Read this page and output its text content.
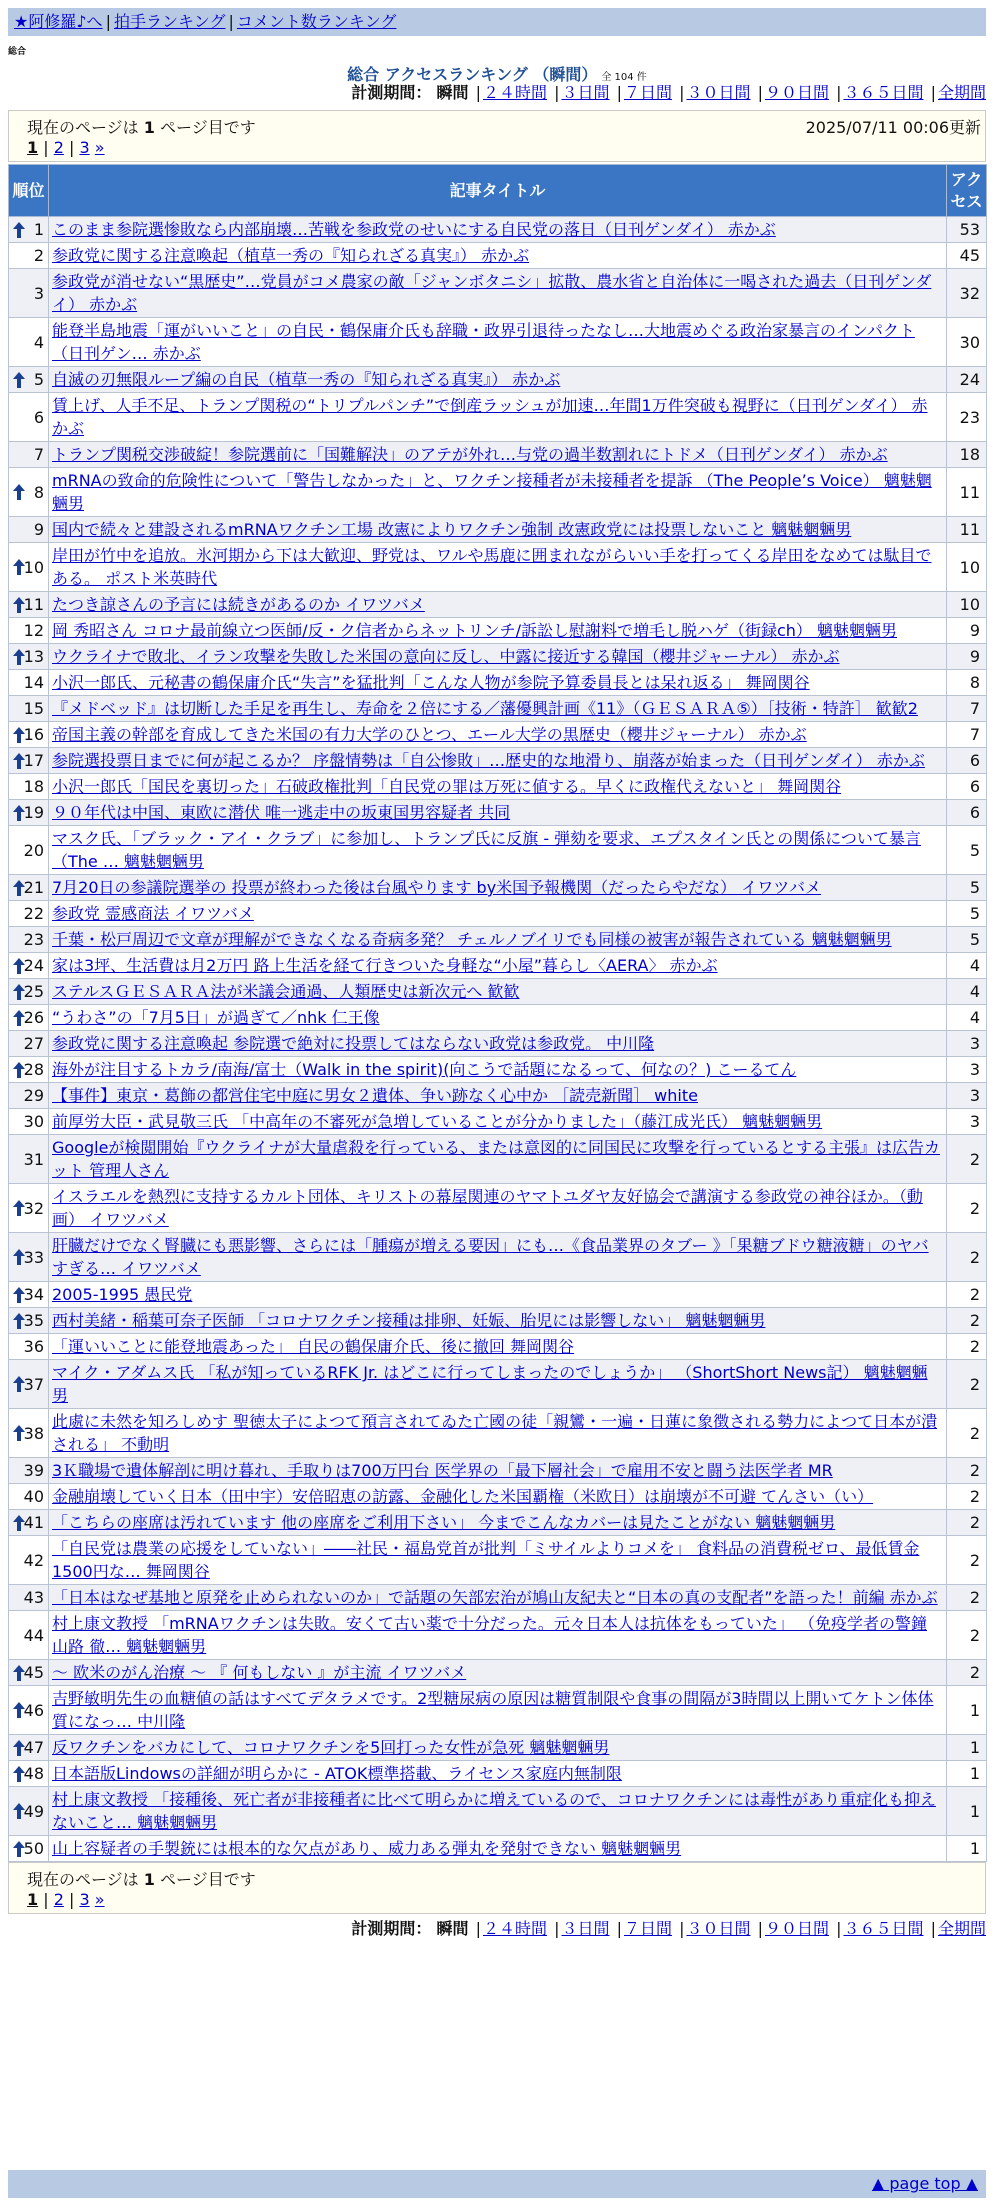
★阿修羅♪へ | 拍手ランキング | コメント数ランキング
総合
総合 アクセスランキング （瞬間） 全 104 件
計測期間： 瞬間 | ２４時間 | ３日間 | ７日間 | ３０日間 | ９０日間 | ３６５日間 | 全期間
現在のページは 1 ページ目です	2025/07/11 00:06更新
1 | 2 | 3 »
順位	記事タイトル	アクセス

1	このまま参院選惨敗なら内部崩壊…苦戦を参政党のせいにする自民党の落日（日刊ゲンダイ） 赤かぶ	53
2	参政党に関する注意喚起（植草一秀の『知られざる真実』） 赤かぶ	45
3	参政党が消せない“黒歴史”…党員がコメ農家の敵「ジャンボタニシ」拡散、農水省と自治体に一喝された過去（日刊ゲンダイ） 赤かぶ	32
4	能登半島地震「運がいいこと」の自民・鶴保庸介氏も辞職・政界引退待ったなし…大地震めぐる政治家暴言のインパクト（日刊ゲン… 赤かぶ	30

5	自滅の刃無限ループ編の自民（植草一秀の『知られざる真実』） 赤かぶ	24
6	賃上げ、人手不足、トランプ関税の“トリプルパンチ”で倒産ラッシュが加速…年間1万件突破も視野に（日刊ゲンダイ） 赤かぶ	23
7	トランプ関税交渉破綻！参院選前に「国難解決」のアテが外れ…与党の過半数割れにトドメ（日刊ゲンダイ） 赤かぶ	18

8	mRNAの致命的危険性について「警告しなかった」と、ワクチン接種者が未接種者を提訴 （The People’s Voice） 魑魅魍魎男	11
9	国内で続々と建設されるmRNAワクチン工場 改憲によりワクチン強制 改憲政党には投票しないこと 魑魅魍魎男	11

10	岸田が竹中を追放。氷河期から下は大歓迎、野党は、ワルや馬鹿に囲まれながらいい手を打ってくる岸田をなめては駄目である。 ポスト米英時代	10

11	たつき諒さんの予言には続きがあるのか イワツバメ	10
12	岡 秀昭さん コロナ最前線立つ医師/反・ク信者からネットリンチ/訴訟し慰謝料で増毛し脱ハゲ（街録ch） 魑魅魍魎男	9

13	ウクライナで敗北、イラン攻撃を失敗した米国の意向に反し、中露に接近する韓国（櫻井ジャーナル） 赤かぶ	9
14	小沢一郎氏、元秘書の鶴保庸介氏“失言”を猛批判「こんな人物が参院予算委員長とは呆れ返る」 舞岡関谷	8
15	『メドベッド』は切断した手足を再生し、寿命を２倍にする／藩優興計画《11》（ＧＥＳＡＲＡ⑤）［技術・特許］ 歓歓2	7

16	帝国主義の幹部を育成してきた米国の有力大学のひとつ、エール大学の黒歴史（櫻井ジャーナル） 赤かぶ	7

17	参院選投票日までに何が起こるか？ 序盤情勢は「自公惨敗」…歴史的な地滑り、崩落が始まった（日刊ゲンダイ） 赤かぶ	6
18	小沢一郎氏「国民を裏切った」石破政権批判「自民党の罪は万死に値する。早くに政権代えないと」 舞岡関谷	6

19	９０年代は中国、東欧に潜伏 唯一逃走中の坂東国男容疑者 共同	6
20	マスク氏、「ブラック・アイ・クラブ」に参加し、トランプ氏に反旗 - 弾劾を要求、エプスタイン氏との関係について暴言（The … 魑魅魍魎男	5

21	7月20日の参議院選挙の 投票が終わった後は台風やります by米国予報機関（だったらやだな） イワツバメ	5
22	参政党 霊感商法 イワツバメ	5
23	千葉・松戸周辺で文章が理解ができなくなる奇病多発？ チェルノブイリでも同様の被害が報告されている 魑魅魍魎男	5

24	家は3坪、生活費は月2万円 路上生活を経て行きついた身軽な“小屋”暮らし〈AERA〉 赤かぶ	4

25	ステルスＧＥＳＡＲＡ法が米議会通過、人類歴史は新次元へ 歓歓	4

26	“うわさ”の「7月5日」が過ぎて／nhk 仁王像	4
27	参政党に関する注意喚起 参院選で絶対に投票してはならない政党は参政党。 中川隆	3

28	海外が注目するトカラ/南海/富士（Walk in the spirit)(向こうで話題になるって、何なの？) こーるてん	3
29	【事件】東京・葛飾の都営住宅中庭に男女２遺体、争い跡なく心中か ［読売新聞］ white	3
30	前厚労大臣・武見敬三氏 「中高年の不審死が急増していることが分かりました」（藤江成光氏） 魑魅魍魎男	3
31	Googleが検閲開始『ウクライナが大量虐殺を行っている、または意図的に同国民に攻撃を行っているとする主張』は広告カット 管理人さん	2

32	イスラエルを熱烈に支持するカルト団体、キリストの幕屋関連のヤマトユダヤ友好協会で講演する参政党の神谷ほか。（動画） イワツバメ	2

33	肝臓だけでなく腎臓にも悪影響、さらには「腫瘍が増える要因」にも…《食品業界のタブー 》「果糖ブドウ糖液糖」のヤバすぎる… イワツバメ	2

34	2005-1995 愚民党	2

35	西村美緒・稲葉可奈子医師 「コロナワクチン接種は排卵、妊娠、胎児には影響しない」 魑魅魍魎男	2
36	「運いいことに能登地震あった」 自民の鶴保庸介氏、後に撤回 舞岡関谷	2

37	マイク・アダムス氏 「私が知っているRFK Jr. はどこに行ってしまったのでしょうか」 （ShortShort News記） 魑魅魍魎男	2

38	此處に未然を知ろしめす 聖徳太子によつて預言されてゐた亡國の徒「親鸞・一遍・日蓮に象徴される勢力によつて日本が潰される」 不動明	2
39	3Ｋ職場で遺体解剖に明け暮れ、手取りは700万円台 医学界の「最下層社会」で雇用不安と闘う法医学者 MR	2
40	金融崩壊していく日本（田中宇）安倍昭恵の訪露、金融化した米国覇権（米欧日）は崩壊が不可避 てんさい（い）	2

41	「こちらの座席は汚れています 他の座席をご利用下さい」 今までこんなカバーは見たことがない 魑魅魍魎男	2
42	「自民党は農業の応援をしていない」――社民・福島党首が批判「ミサイルよりコメを」 食料品の消費税ゼロ、最低賃金1500円な… 舞岡関谷	2
43	「日本はなぜ基地と原発を止められないのか」で話題の矢部宏治が鳩山友紀夫と“日本の真の支配者”を語った！前編 赤かぶ	2
44	村上康文教授 「mRNAワクチンは失敗。安くて古い薬で十分だった。元々日本人は抗体をもっていた」 （免疫学者の警鐘 山路 徹… 魑魅魍魎男	2

45	～ 欧米のがん治療 ～ 『 何もしない 』が主流 イワツバメ	2

46	吉野敏明先生の血糖値の話はすべてデタラメです。2型糖尿病の原因は糖質制限や食事の間隔が3時間以上開いてケトン体体質になっ… 中川隆	1

47	反ワクチンをバカにして、コロナワクチンを5回打った女性が急死 魑魅魍魎男	1

48	日本語版Lindowsの詳細が明らかに - ATOK標準搭載、ライセンス家庭内無制限	1

49	村上康文教授 「接種後、死亡者が非接種者に比べて明らかに増えているので、コロナワクチンには毒性があり重症化も抑えないこと… 魑魅魍魎男	1

50	山上容疑者の手製銃には根本的な欠点があり、威力ある弾丸を発射できない 魑魅魍魎男	1
現在のページは 1 ページ目です
1 | 2 | 3 »
計測期間： 瞬間 | ２４時間 | ３日間 | ７日間 | ３０日間 | ９０日間 | ３６５日間 | 全期間
▲ page top ▲
